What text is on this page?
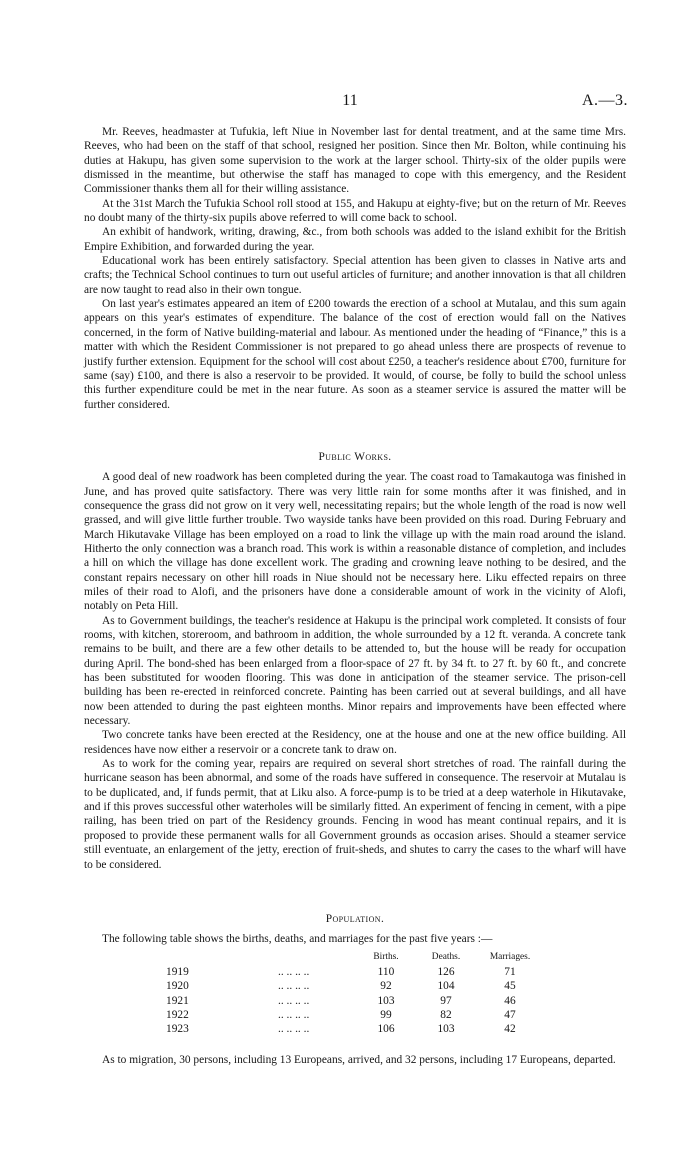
11	A.—3.

Mr. Reeves, headmaster at Tufukia, left Niue in November last for dental treatment, and at the same time Mrs. Reeves, who had been on the staff of that school, resigned her position. Since then Mr. Bolton, while continuing his duties at Hakupu, has given some supervision to the work at the larger school. Thirty-six of the older pupils were dismissed in the meantime, but otherwise the staff has managed to cope with this emergency, and the Resident Commissioner thanks them all for their willing assistance.

At the 31st March the Tufukia School roll stood at 155, and Hakupu at eighty-five; but on the return of Mr. Reeves no doubt many of the thirty-six pupils above referred to will come back to school.

An exhibit of handwork, writing, drawing, &c., from both schools was added to the island exhibit for the British Empire Exhibition, and forwarded during the year.

Educational work has been entirely satisfactory. Special attention has been given to classes in Native arts and crafts; the Technical School continues to turn out useful articles of furniture; and another innovation is that all children are now taught to read also in their own tongue.

On last year's estimates appeared an item of £200 towards the erection of a school at Mutalau, and this sum again appears on this year's estimates of expenditure. The balance of the cost of erection would fall on the Natives concerned, in the form of Native building-material and labour. As mentioned under the heading of “Finance,” this is a matter with which the Resident Commissioner is not prepared to go ahead unless there are prospects of revenue to justify further extension. Equipment for the school will cost about £250, a teacher's residence about £700, furniture for same (say) £100, and there is also a reservoir to be provided. It would, of course, be folly to build the school unless this further expenditure could be met in the near future. As soon as a steamer service is assured the matter will be further considered.

Public Works.

A good deal of new roadwork has been completed during the year. The coast road to Tamakautoga was finished in June, and has proved quite satisfactory. There was very little rain for some months after it was finished, and in consequence the grass did not grow on it very well, necessitating repairs; but the whole length of the road is now well grassed, and will give little further trouble. Two wayside tanks have been provided on this road. During February and March Hikutavake Village has been employed on a road to link the village up with the main road around the island. Hitherto the only connection was a branch road. This work is within a reasonable distance of completion, and includes a hill on which the village has done excellent work. The grading and crowning leave nothing to be desired, and the constant repairs necessary on other hill roads in Niue should not be necessary here. Liku effected repairs on three miles of their road to Alofi, and the prisoners have done a considerable amount of work in the vicinity of Alofi, notably on Peta Hill.

As to Government buildings, the teacher's residence at Hakupu is the principal work completed. It consists of four rooms, with kitchen, storeroom, and bathroom in addition, the whole surrounded by a 12 ft. veranda. A concrete tank remains to be built, and there are a few other details to be attended to, but the house will be ready for occupation during April. The bond-shed has been enlarged from a floor-space of 27 ft. by 34 ft. to 27 ft. by 60 ft., and concrete has been substituted for wooden flooring. This was done in anticipation of the steamer service. The prison-cell building has been re-erected in reinforced concrete. Painting has been carried out at several buildings, and all have now been attended to during the past eighteen months. Minor repairs and improvements have been effected where necessary.

Two concrete tanks have been erected at the Residency, one at the house and one at the new office building. All residences have now either a reservoir or a concrete tank to draw on.

As to work for the coming year, repairs are required on several short stretches of road. The rainfall during the hurricane season has been abnormal, and some of the roads have suffered in consequence. The reservoir at Mutalau is to be duplicated, and, if funds permit, that at Liku also. A force-pump is to be tried at a deep waterhole in Hikutavake, and if this proves successful other waterholes will be similarly fitted. An experiment of fencing in cement, with a pipe railing, has been tried on part of the Residency grounds. Fencing in wood has meant continual repairs, and it is proposed to provide these permanent walls for all Government grounds as occasion arises. Should a steamer service still eventuate, an enlargement of the jetty, erection of fruit-sheds, and shutes to carry the cases to the wharf will have to be considered.

Population.

The following table shows the births, deaths, and marriages for the past five years :—

		Births.	Deaths.	Marriages.
1919	.. .. .. ..	110	126	71
1920	.. .. .. ..	92	104	45
1921	.. .. .. ..	103	97	46
1922	.. .. .. ..	99	82	47
1923	.. .. .. ..	106	103	42

As to migration, 30 persons, including 13 Europeans, arrived, and 32 persons, including 17 Europeans, departed.
